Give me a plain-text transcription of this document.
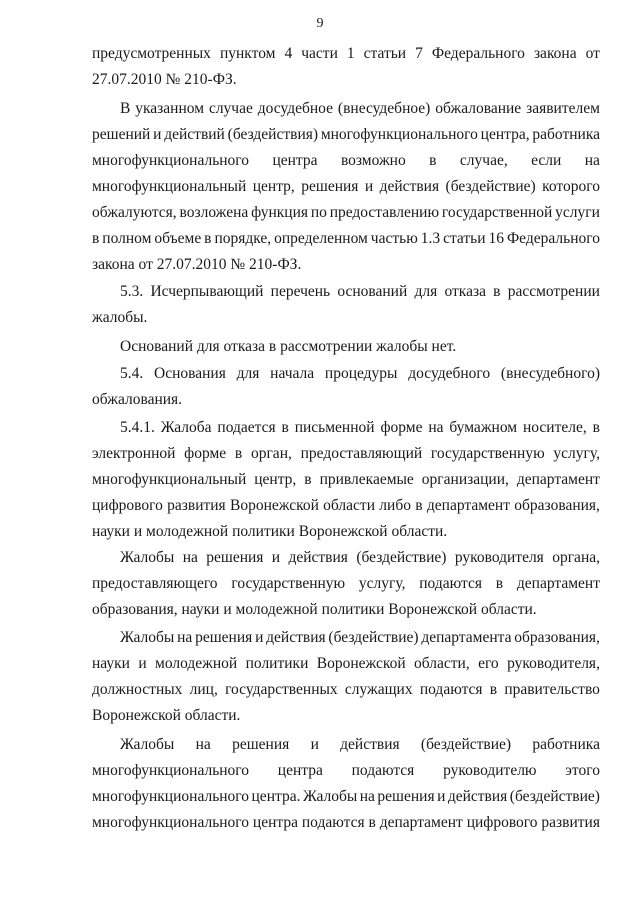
9
предусмотренных пунктом 4 части 1 статьи 7 Федерального закона от
27.07.2010 № 210-ФЗ.
В указанном случае досудебное (внесудебное) обжалование заявителем
решений и действий (бездействия) многофункционального центра, работника
многофункционального центра возможно в случае, если на
многофункциональный центр, решения и действия (бездействие) которого
обжалуются, возложена функция по предоставлению государственной услуги
в полном объеме в порядке, определенном частью 1.3 статьи 16 Федерального
закона от 27.07.2010 № 210-ФЗ.
5.3. Исчерпывающий перечень оснований для отказа в рассмотрении
жалобы.
Оснований для отказа в рассмотрении жалобы нет.
5.4. Основания для начала процедуры досудебного (внесудебного)
обжалования.
5.4.1. Жалоба подается в письменной форме на бумажном носителе, в
электронной форме в орган, предоставляющий государственную услугу,
многофункциональный центр, в привлекаемые организации, департамент
цифрового развития Воронежской области либо в департамент образования,
науки и молодежной политики Воронежской области.
Жалобы на решения и действия (бездействие) руководителя органа,
предоставляющего государственную услугу, подаются в департамент
образования, науки и молодежной политики Воронежской области.
Жалобы на решения и действия (бездействие) департамента образования,
науки и молодежной политики Воронежской области, его руководителя,
должностных лиц, государственных служащих подаются в правительство
Воронежской области.
Жалобы на решения и действия (бездействие) работника
многофункционального центра подаются руководителю этого
многофункционального центра. Жалобы на решения и действия (бездействие)
многофункционального центра подаются в департамент цифрового развития
